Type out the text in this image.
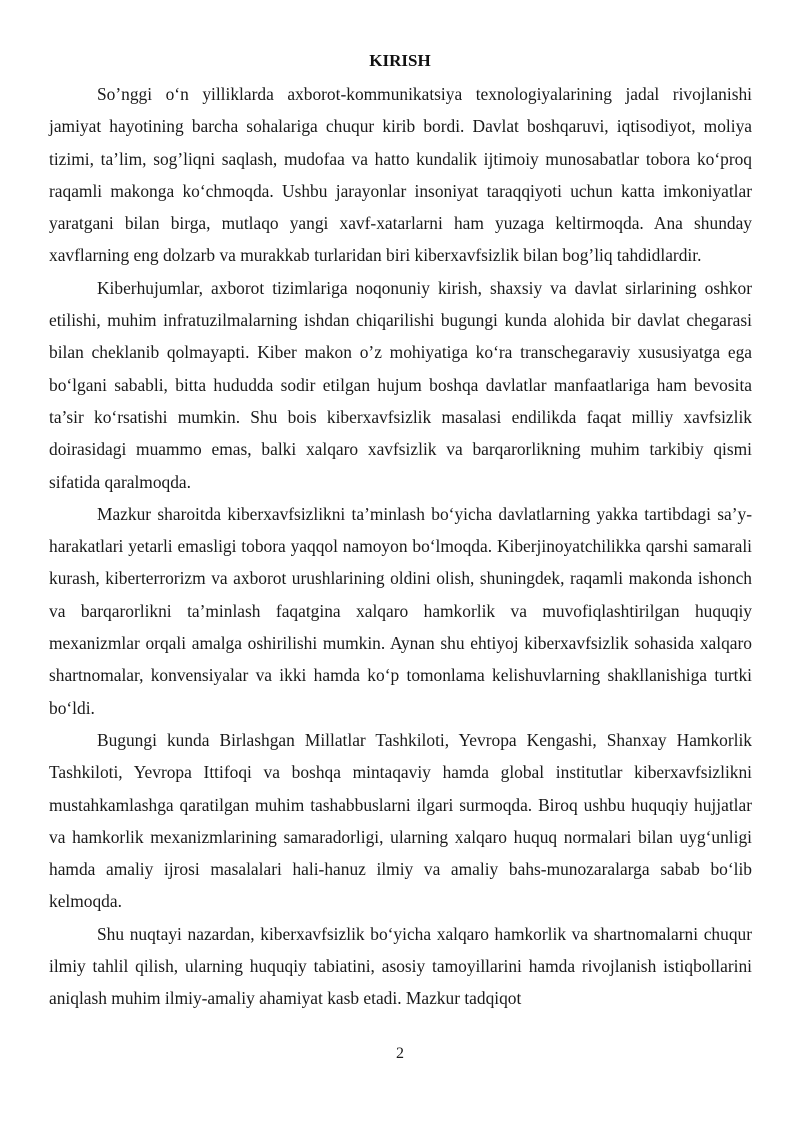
KIRISH

So’nggi o‘n yilliklarda axborot-kommunikatsiya texnologiyalarining jadal rivojlanishi jamiyat hayotining barcha sohalariga chuqur kirib bordi. Davlat boshqaruvi, iqtisodiyot, moliya tizimi, ta’lim, sog’liqni saqlash, mudofaa va hatto kundalik ijtimoiy munosabatlar tobora ko‘proq raqamli makonga ko‘chmoqda. Ushbu jarayonlar insoniyat taraqqiyoti uchun katta imkoniyatlar yaratgani bilan birga, mutlaqo yangi xavf-xatarlarni ham yuzaga keltirmoqda. Ana shunday xavflarning eng dolzarb va murakkab turlaridan biri kiberxavfsizlik bilan bog’liq tahdidlardir.

Kiberhujumlar, axborot tizimlariga noqonuniy kirish, shaxsiy va davlat sirlarining oshkor etilishi, muhim infratuzilmalarning ishdan chiqarilishi bugungi kunda alohida bir davlat chegarasi bilan cheklanib qolmayapti. Kiber makon o’z mohiyatiga ko‘ra transchegaraviy xususiyatga ega bo‘lgani sababli, bitta hududda sodir etilgan hujum boshqa davlatlar manfaatlariga ham bevosita ta’sir ko‘rsatishi mumkin. Shu bois kiberxavfsizlik masalasi endilikda faqat milliy xavfsizlik doirasidagi muammo emas, balki xalqaro xavfsizlik va barqarorlikning muhim tarkibiy qismi sifatida qaralmoqda.

Mazkur sharoitda kiberxavfsizlikni ta’minlash bo‘yicha davlatlarning yakka tartibdagi sa’y-harakatlari yetarli emasligi tobora yaqqol namoyon bo‘lmoqda. Kiberjinoyatchilikka qarshi samarali kurash, kiberterrorizm va axborot urushlarining oldini olish, shuningdek, raqamli makonda ishonch va barqarorlikni ta’minlash faqatgina xalqaro hamkorlik va muvofiqlashtirilgan huquqiy mexanizmlar orqali amalga oshirilishi mumkin. Aynan shu ehtiyoj kiberxavfsizlik sohasida xalqaro shartnomalar, konvensiyalar va ikki hamda ko‘p tomonlama kelishuvlarning shakllanishiga turtki bo‘ldi.

Bugungi kunda Birlashgan Millatlar Tashkiloti, Yevropa Kengashi, Shanxay Hamkorlik Tashkiloti, Yevropa Ittifoqi va boshqa mintaqaviy hamda global institutlar kiberxavfsizlikni mustahkamlashga qaratilgan muhim tashabbuslarni ilgari surmoqda. Biroq ushbu huquqiy hujjatlar va hamkorlik mexanizmlarining samaradorligi, ularning xalqaro huquq normalari bilan uyg‘unligi hamda amaliy ijrosi masalalari hali-hanuz ilmiy va amaliy bahs-munozaralarga sabab bo‘lib kelmoqda.

Shu nuqtayi nazardan, kiberxavfsizlik bo‘yicha xalqaro hamkorlik va shartnomalarni chuqur ilmiy tahlil qilish, ularning huquqiy tabiatini, asosiy tamoyillarini hamda rivojlanish istiqbollarini aniqlash muhim ilmiy-amaliy ahamiyat kasb etadi. Mazkur tadqiqot

2
